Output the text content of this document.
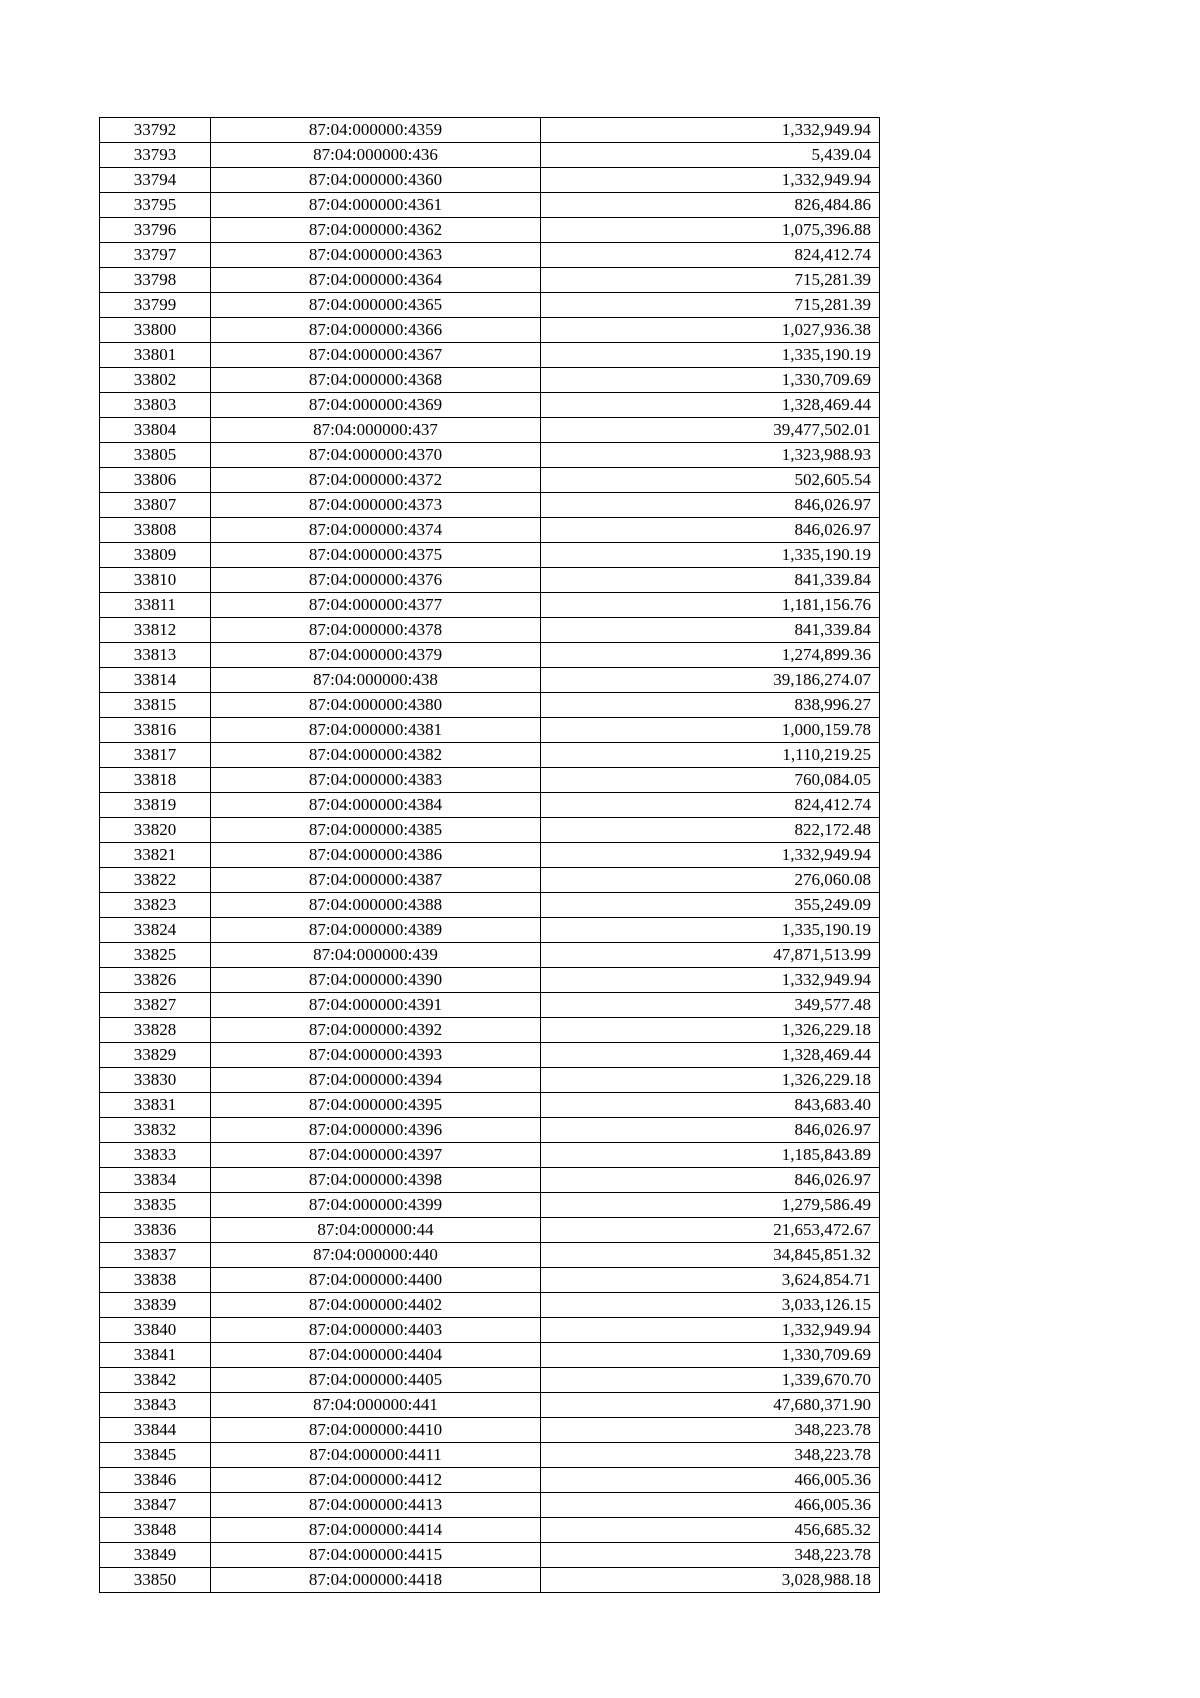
33792	87:04:000000:4359	1,332,949.94
33793	87:04:000000:436	5,439.04
33794	87:04:000000:4360	1,332,949.94
33795	87:04:000000:4361	826,484.86
33796	87:04:000000:4362	1,075,396.88
33797	87:04:000000:4363	824,412.74
33798	87:04:000000:4364	715,281.39
33799	87:04:000000:4365	715,281.39
33800	87:04:000000:4366	1,027,936.38
33801	87:04:000000:4367	1,335,190.19
33802	87:04:000000:4368	1,330,709.69
33803	87:04:000000:4369	1,328,469.44
33804	87:04:000000:437	39,477,502.01
33805	87:04:000000:4370	1,323,988.93
33806	87:04:000000:4372	502,605.54
33807	87:04:000000:4373	846,026.97
33808	87:04:000000:4374	846,026.97
33809	87:04:000000:4375	1,335,190.19
33810	87:04:000000:4376	841,339.84
33811	87:04:000000:4377	1,181,156.76
33812	87:04:000000:4378	841,339.84
33813	87:04:000000:4379	1,274,899.36
33814	87:04:000000:438	39,186,274.07
33815	87:04:000000:4380	838,996.27
33816	87:04:000000:4381	1,000,159.78
33817	87:04:000000:4382	1,110,219.25
33818	87:04:000000:4383	760,084.05
33819	87:04:000000:4384	824,412.74
33820	87:04:000000:4385	822,172.48
33821	87:04:000000:4386	1,332,949.94
33822	87:04:000000:4387	276,060.08
33823	87:04:000000:4388	355,249.09
33824	87:04:000000:4389	1,335,190.19
33825	87:04:000000:439	47,871,513.99
33826	87:04:000000:4390	1,332,949.94
33827	87:04:000000:4391	349,577.48
33828	87:04:000000:4392	1,326,229.18
33829	87:04:000000:4393	1,328,469.44
33830	87:04:000000:4394	1,326,229.18
33831	87:04:000000:4395	843,683.40
33832	87:04:000000:4396	846,026.97
33833	87:04:000000:4397	1,185,843.89
33834	87:04:000000:4398	846,026.97
33835	87:04:000000:4399	1,279,586.49
33836	87:04:000000:44	21,653,472.67
33837	87:04:000000:440	34,845,851.32
33838	87:04:000000:4400	3,624,854.71
33839	87:04:000000:4402	3,033,126.15
33840	87:04:000000:4403	1,332,949.94
33841	87:04:000000:4404	1,330,709.69
33842	87:04:000000:4405	1,339,670.70
33843	87:04:000000:441	47,680,371.90
33844	87:04:000000:4410	348,223.78
33845	87:04:000000:4411	348,223.78
33846	87:04:000000:4412	466,005.36
33847	87:04:000000:4413	466,005.36
33848	87:04:000000:4414	456,685.32
33849	87:04:000000:4415	348,223.78
33850	87:04:000000:4418	3,028,988.18
